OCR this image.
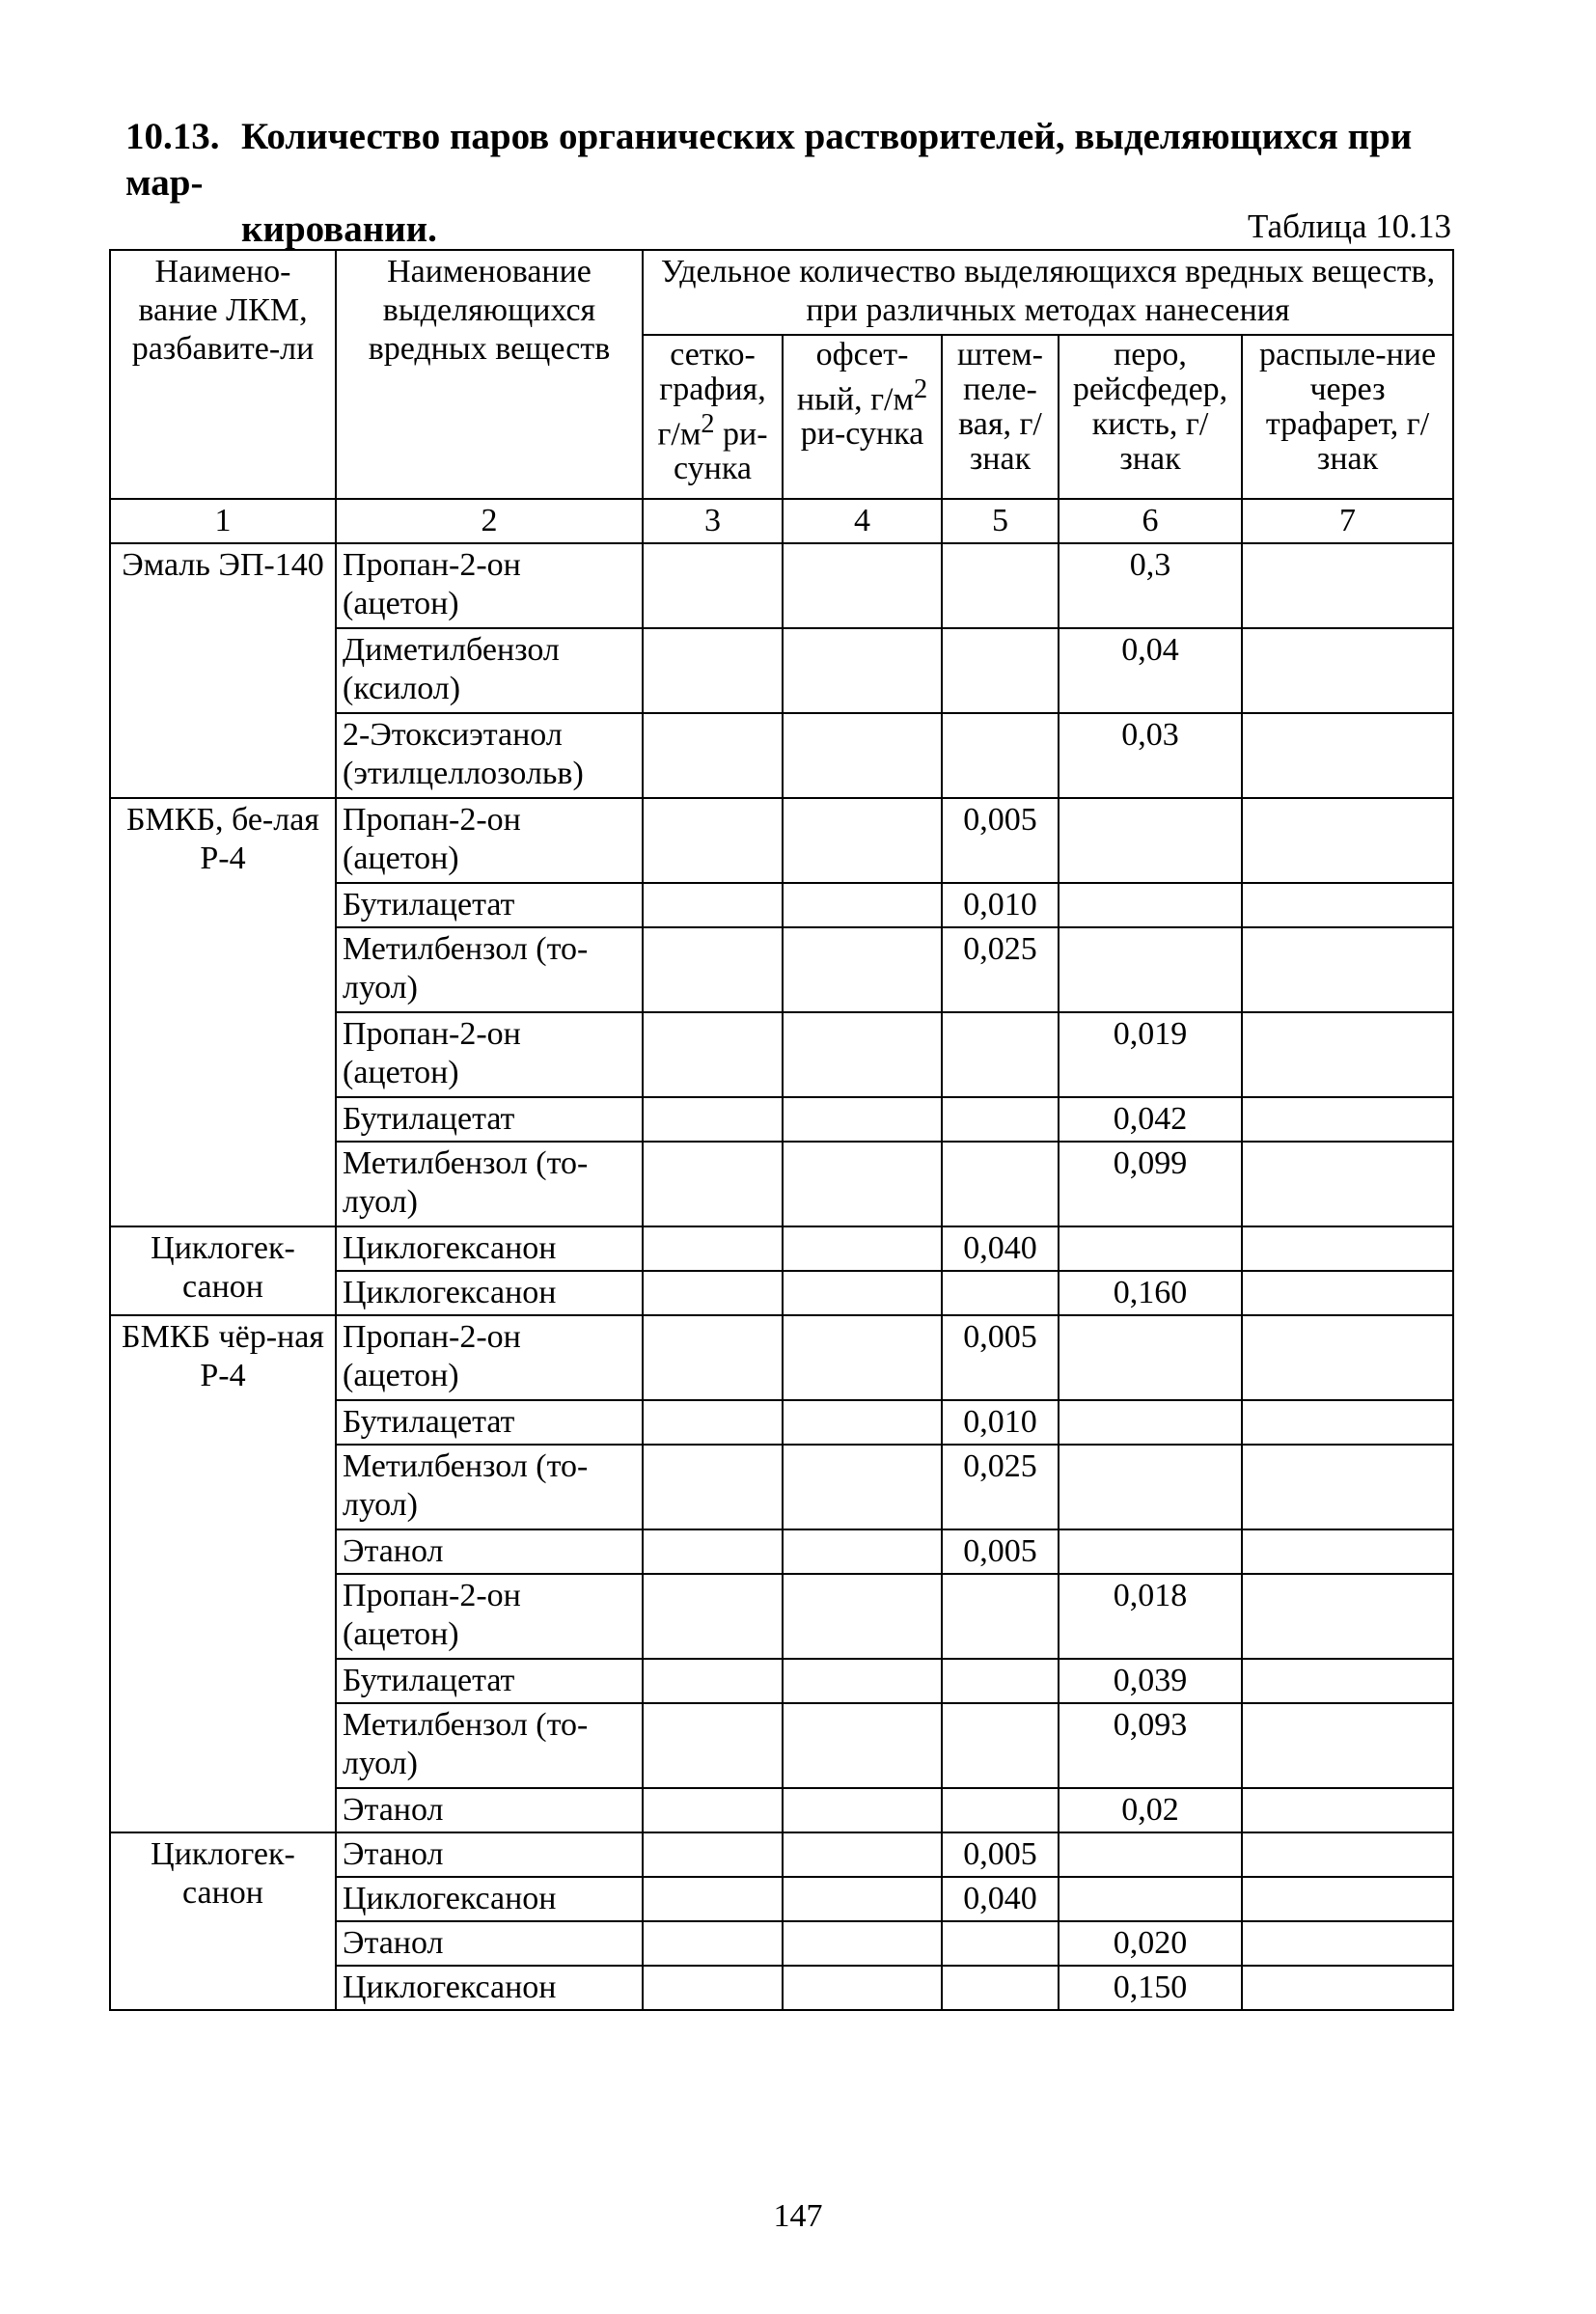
10.13. Количество паров органических растворителей, выделяющихся при мар-
кировании.	Таблица 10.13
Наимено-вание ЛКМ, разбавите-ли	Наименование выделяющихся вредных веществ	Удельное количество выделяющихся вредных веществ, при различных методах нанесения				
		сетко-графия, $г/м^2$ ри-сунка	офсет-ный, $г/м^2$ ри-сунка	штем-пеле-вая, г/знак	перо, рейсфедер, кисть, г/знак	распыле-ние через трафарет, г/знак
1	2	3	4	5	6	7
Эмаль ЭП-140	Пропан-2-он (ацетон)				0,3	
	Диметилбензол (ксилол)				0,04	
	2-Этоксиэтанол (этилцеллозольв)				0,03	
БМКБ, бе-лая Р-4	Пропан-2-он (ацетон)			0,005		
	Бутилацетат			0,010		
	Метилбензол (то-луол)			0,025		
	Пропан-2-он (ацетон)				0,019	
	Бутилацетат				0,042	
	Метилбензол (то-луол)				0,099	
Циклогек-санон	Циклогексанон			0,040		
	Циклогексанон				0,160	
БМКБ чёр-ная Р-4	Пропан-2-он (ацетон)			0,005		
	Бутилацетат			0,010		
	Метилбензол (то-луол)			0,025		
	Этанол			0,005		
	Пропан-2-он (ацетон)				0,018	
	Бутилацетат				0,039	
	Метилбензол (то-луол)				0,093	
	Этанол				0,02	
Циклогек-санон	Этанол			0,005		
	Циклогексанон			0,040		
	Этанол				0,020	
	Циклогексанон				0,150	
147
